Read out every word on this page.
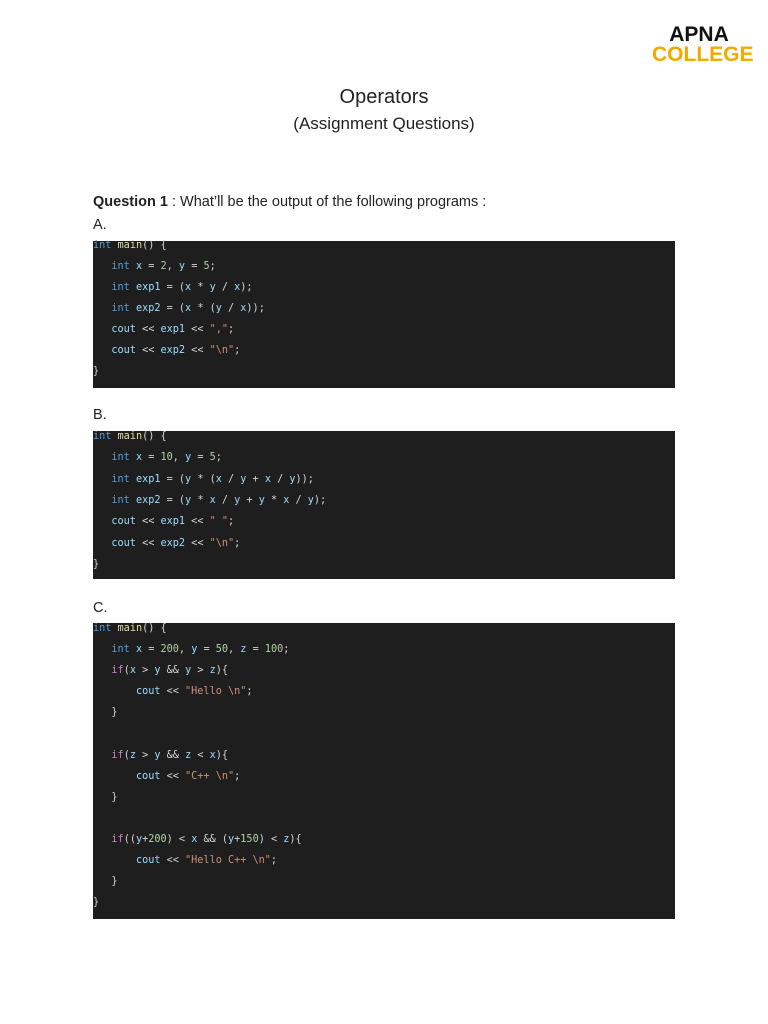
APNA
COLLEGE
Operators
(Assignment Questions)
Question 1 : What’ll be the output of the following programs :
A.
int main() {
int x = 2, y = 5;
int exp1 = (x * y / x);
int exp2 = (x * (y / x));
cout << exp1 << ",";
cout << exp2 << "\n";
}
B.
int main() {
int x = 10, y = 5;
int exp1 = (y * (x / y + x / y));
int exp2 = (y * x / y + y * x / y);
cout << exp1 << " ";
cout << exp2 << "\n";
}
C.
int main() {
int x = 200, y = 50, z = 100;
if(x > y && y > z){
cout << "Hello \n";
}
if(z > y && z < x){
cout << "C++ \n";
}
if((y+200) < x && (y+150) < z){
cout << "Hello C++ \n";
}
}
